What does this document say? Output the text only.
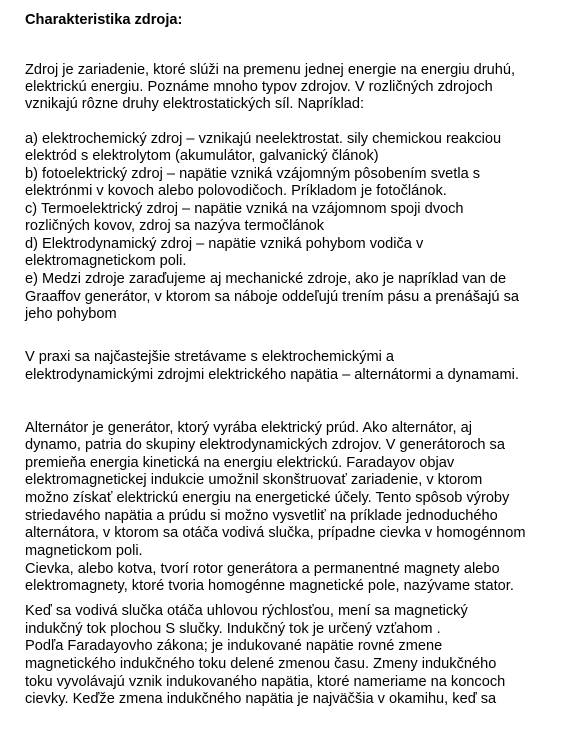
Charakteristika zdroja:
Zdroj je zariadenie, ktoré slúži na premenu jednej energie na energiu druhú,
elektrickú energiu. Poznáme mnoho typov zdrojov. V rozličných zdrojoch
vznikajú rôzne druhy elektrostatických síl. Napríklad:
a) elektrochemický zdroj – vznikajú neelektrostat. sily chemickou reakciou
elektród s elektrolytom (akumulátor, galvanický článok)
b) fotoelektrický zdroj – napätie vzniká vzájomným pôsobením svetla s
elektrónmi v kovoch alebo polovodičoch. Príkladom je fotočlánok.
c) Termoelektrický zdroj – napätie vzniká na vzájomnom spoji dvoch
rozličných kovov, zdroj sa nazýva termočlánok
d) Elektrodynamický zdroj – napätie vzniká pohybom vodiča v
elektromagnetickom poli.
e) Medzi zdroje zaraďujeme aj mechanické zdroje, ako je napríklad van de
Graaffov generátor, v ktorom sa náboje oddeľujú trením pásu a prenášajú sa
jeho pohybom
V praxi sa najčastejšie stretávame s elektrochemickými a
elektrodynamickými zdrojmi elektrického napätia – alternátormi a dynamami.
Alternátor je generátor, ktorý vyrába elektrický prúd. Ako alternátor, aj
dynamo, patria do skupiny elektrodynamických zdrojov. V generátoroch sa
premieňa energia kinetická na energiu elektrickú. Faradayov objav
elektromagnetickej indukcie umožnil skonštruovať zariadenie, v ktorom
možno získať elektrickú energiu na energetické účely. Tento spôsob výroby
striedavého napätia a prúdu si možno vysvetliť na príklade jednoduchého
alternátora, v ktorom sa otáča vodivá slučka, prípadne cievka v homogénnom
magnetickom poli.
Cievka, alebo kotva, tvorí rotor generátora a permanentné magnety alebo
elektromagnety, ktoré tvoria homogénne magnetické pole, nazývame stator.
Keď sa vodivá slučka otáča uhlovou rýchlosťou, mení sa magnetický
indukčný tok plochou S slučky. Indukčný tok je určený vzťahom .
Podľa Faradayovho zákona; je indukované napätie rovné zmene
magnetického indukčného toku delené zmenou času. Zmeny indukčného
toku vyvolávajú vznik indukovaného napätia, ktoré nameriame na koncoch
cievky. Keďže zmena indukčného napätia je najväčšia v okamihu, keď sa
